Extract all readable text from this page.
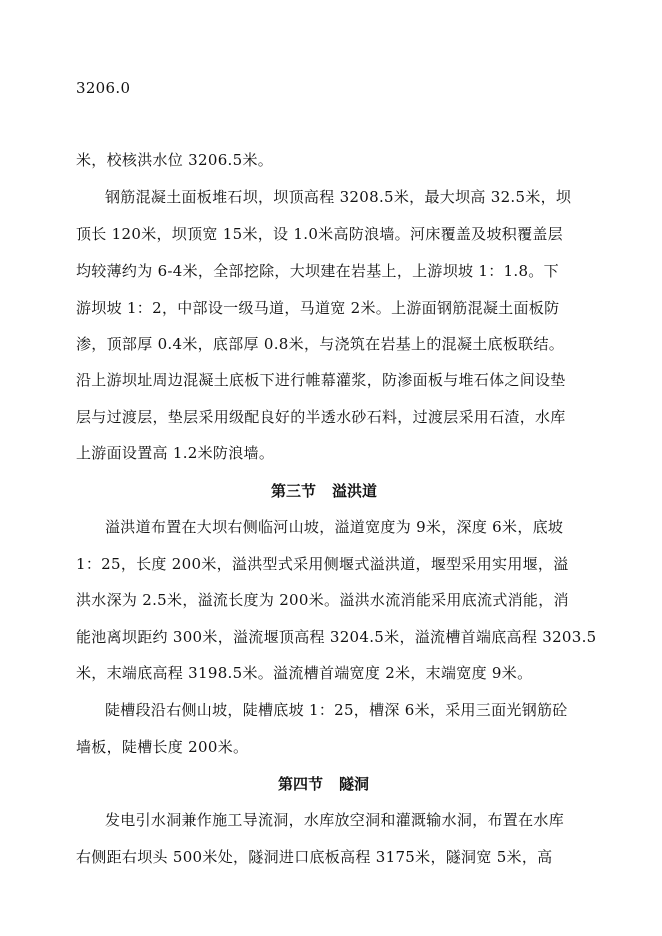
3206.0
米，校核洪水位 3206.5米。
钢筋混凝土面板堆石坝，坝顶高程 3208.5米，最大坝高 32.5米，坝
顶长 120米，坝顶宽 15米，设 1.0米高防浪墙。河床覆盖及坡积覆盖层
均较薄约为 6-4米，全部挖除，大坝建在岩基上，上游坝坡 1：1.8。下
游坝坡 1：2，中部设一级马道，马道宽 2米。上游面钢筋混凝土面板防
渗，顶部厚 0.4米，底部厚 0.8米，与浇筑在岩基上的混凝土底板联结。
沿上游坝址周边混凝土底板下进行帷幕灌浆，防渗面板与堆石体之间设垫
层与过渡层，垫层采用级配良好的半透水砂石料，过渡层采用石渣，水库
上游面设置高 1.2米防浪墙。
第三节 溢洪道
溢洪道布置在大坝右侧临河山坡，溢道宽度为 9米，深度 6米，底坡
1：25，长度 200米，溢洪型式采用侧堰式溢洪道，堰型采用实用堰，溢
洪水深为 2.5米，溢流长度为 200米。溢洪水流消能采用底流式消能，消
能池离坝距约 300米，溢流堰顶高程 3204.5米，溢流槽首端底高程 3203.5
米，末端底高程 3198.5米。溢流槽首端宽度 2米，末端宽度 9米。
陡槽段沿右侧山坡，陡槽底坡 1：25，槽深 6米，采用三面光钢筋砼
墙板，陡槽长度 200米。
第四节 隧洞
发电引水洞兼作施工导流洞，水库放空洞和灌溉输水洞，布置在水库
右侧距右坝头 500米处，隧洞进口底板高程 3175米，隧洞宽 5米，高
